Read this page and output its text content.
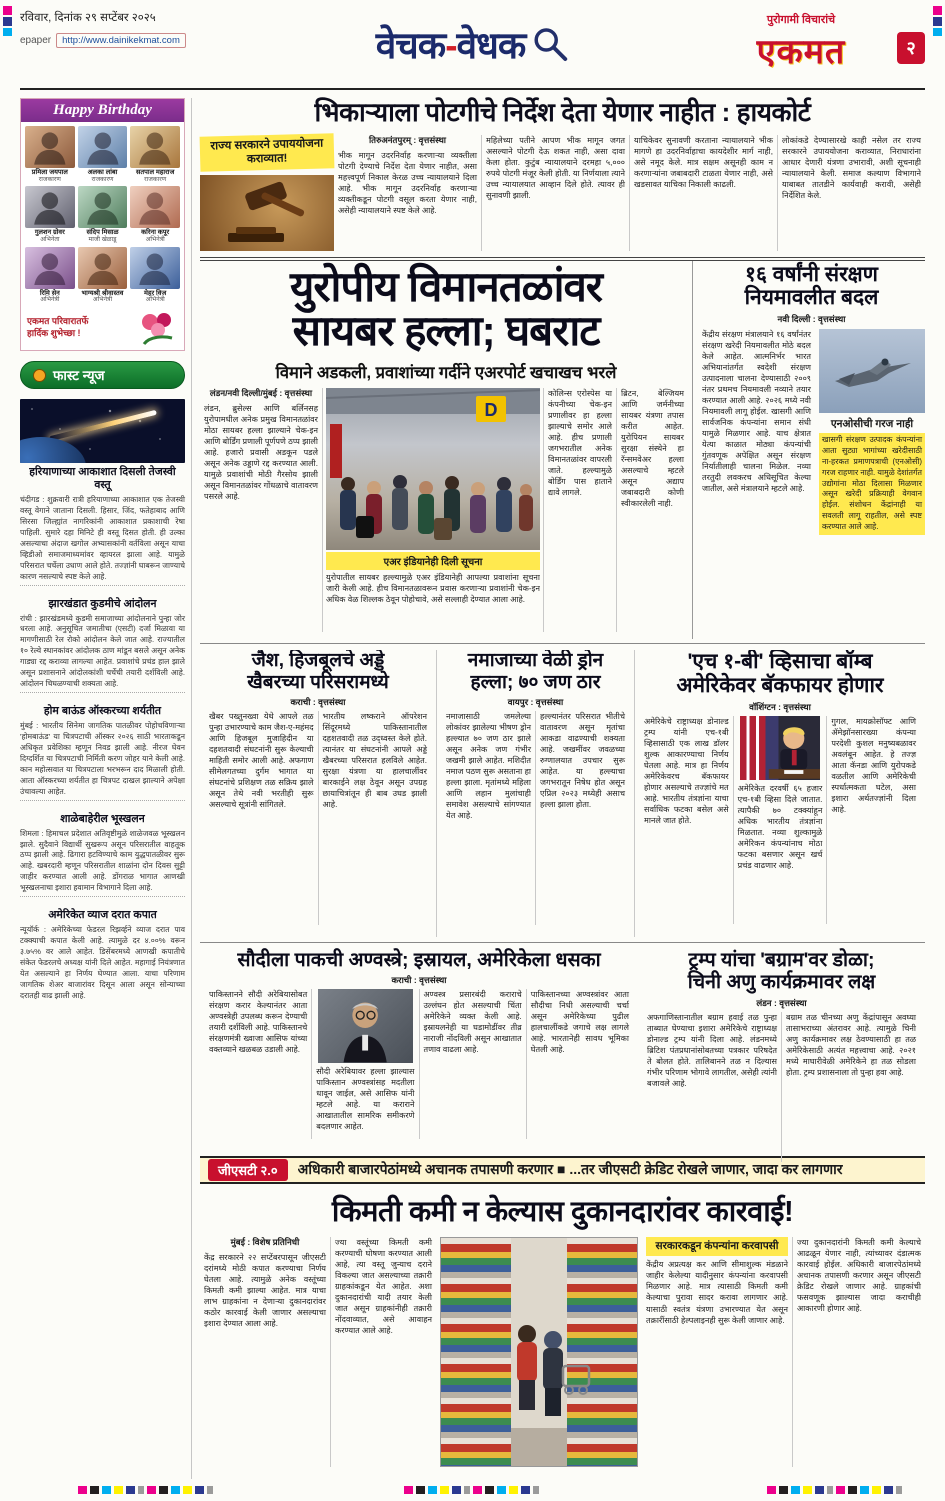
रविवार, दिनांक २९ सप्टेंबर २०२५
epaper	http://www.dainikekmat.com	वेचक-वेधक
पुरोगामी विचारांचे
एकमत	२
Happy Birthday
प्रमिला जयपाल
राजकारण
अलका लांबा
राजकारण
सतपाल महाराज
राजकारण
गुलशन ग्रोवर
अभिनेता
संदिप मिसाळ
माजी खेळाडू
करिना कपूर
अभिनेत्री
रिमि सेन
अभिनेत्री
भाग्यश्री श्रीवास्तव
अभिनेत्री
मेहर विज
अभिनेत्री
एकमत परिवारातर्फे
हार्दिक शुभेच्छा !
फास्ट न्यूज
हरियाणाच्या आकाशात दिसली तेजस्वी वस्तू
चंदीगड : शुक्रवारी रात्री हरियाणाच्या आकाशात एक तेजस्वी वस्तू वेगाने जाताना दिसली. हिसार, जिंद, फतेहाबाद आणि सिरसा जिल्ह्यांत नागरिकांनी आकाशात प्रकाशाची रेषा पाहिली. सुमारे दहा मिनिटे ही वस्तू दिसत होती. ही उल्का असल्याचा अंदाज खगोल अभ्यासकांनी वर्तविला असून याचा व्हिडीओ समाजमाध्यमांवर व्हायरल झाला आहे. यामुळे परिसरात चर्चेला उधाण आले होते. तज्ज्ञांनी घाबरून जाण्याचे कारण नसल्याचे स्पष्ट केले आहे.
झारखंडात कुडमीचे आंदोलन
रांची : झारखंडमध्ये कुडमी समाजाच्या आंदोलनाने पुन्हा जोर धरला आहे. अनुसूचित जमातीचा (एसटी) दर्जा मिळावा या मागणीसाठी रेल रोको आंदोलन केले जात आहे. राज्यातील १० रेल्वे स्थानकांवर आंदोलक ठाण मांडून बसले असून अनेक गाड्या रद्द कराव्या लागल्या आहेत. प्रवाशांचे प्रचंड हाल झाले असून प्रशासनाने आंदोलकांशी चर्चेची तयारी दर्शविली आहे. आंदोलन चिघळण्याची शक्यता आहे.
होम बाऊंड ऑस्करच्या शर्यतीत
मुंबई : भारतीय सिनेमा जागतिक पातळीवर पोहोचविणाऱ्या 'होमबाऊंड' या चित्रपटाची ऑस्कर २०२६ साठी भारताकडून अधिकृत प्रवेशिका म्हणून निवड झाली आहे. नीरज घेवन दिग्दर्शित या चित्रपटाची निर्मिती करण जोहर याने केली आहे. कान महोत्सवात या चित्रपटाला भरभरून दाद मिळाली होती. आता ऑस्करच्या शर्यतीत हा चित्रपट दाखल झाल्याने अपेक्षा उंचावल्या आहेत.
शाळेबाहेरील भूस्खलन
शिमला : हिमाचल प्रदेशात अतिवृष्टीमुळे शाळेजवळ भूस्खलन झाले. सुदैवाने विद्यार्थी सुखरूप असून परिसरातील वाहतूक ठप्प झाली आहे. ढिगारा हटविण्याचे काम युद्धपातळीवर सुरू आहे. खबरदारी म्हणून परिसरातील शाळांना दोन दिवस सुट्टी जाहीर करण्यात आली आहे. डोंगराळ भागात आणखी भूस्खलनाचा इशारा हवामान विभागाने दिला आहे.
अमेरिकेत व्याज दरात कपात
न्यूयॉर्क : अमेरिकेच्या फेडरल रिझर्व्हने व्याज दरात पाव टक्क्याची कपात केली आहे. त्यामुळे दर ४.००% वरून ३.७५% वर आले आहेत. डिसेंबरमध्ये आणखी कपातीचे संकेत फेडरलचे अध्यक्ष यांनी दिले आहेत. महागाई नियंत्रणात येत असल्याने हा निर्णय घेण्यात आला. याचा परिणाम जागतिक शेअर बाजारांवर दिसून आला असून सोन्याच्या दरातही वाढ झाली आहे.
भिकाऱ्याला पोटगीचे निर्देश देता येणार नाहीत : हायकोर्ट
राज्य सरकारने उपाययोजना कराव्यात!
तिरुअनंतपुरम् : वृत्तसंस्था
भीक मागून उदरनिर्वाह करणाऱ्या व्यक्तीला पोटगी देण्याचे निर्देश देता येणार नाहीत, असा महत्त्वपूर्ण निकाल केरळ उच्च न्यायालयाने दिला आहे. भीक मागून उदरनिर्वाह करणाऱ्या व्यक्तीकडून पोटगी वसूल करता येणार नाही, असेही न्यायालयाने स्पष्ट केले आहे.
महिलेच्या पतीने आपण भीक मागून जगत असल्याने पोटगी देऊ शकत नाही, असा दावा केला होता. कुटुंब न्यायालयाने दरमहा ५,००० रुपये पोटगी मंजूर केली होती. या निर्णयाला त्याने उच्च न्यायालयात आव्हान दिले होते. त्यावर ही सुनावणी झाली.
याचिकेवर सुनावणी करताना न्यायालयाने भीक मागणे हा उदरनिर्वाहाचा कायदेशीर मार्ग नाही, असे नमूद केले. मात्र सक्षम असूनही काम न करणाऱ्यांना जबाबदारी टाळता येणार नाही, असे खडसावत याचिका निकाली काढली.
लोकांकडे देण्यासारखे काही नसेल तर राज्य सरकारने उपाययोजना कराव्यात, निराधारांना आधार देणारी यंत्रणा उभारावी, अशी सूचनाही न्यायालयाने केली. समाज कल्याण विभागाने याबाबत तातडीने कार्यवाही करावी, असेही निर्देशित केले.
युरोपीय विमानतळांवर
सायबर हल्ला; घबराट
विमाने अडकली, प्रवाशांच्या गर्दीने एअरपोर्ट खचाखच भरले
लंडन/नवी दिल्ली/मुंबई : वृत्तसंस्था
लंडन, ब्रुसेल्स आणि बर्लिनसह युरोपामधील अनेक प्रमुख विमानतळांवर मोठा सायबर हल्ला झाल्याने चेक-इन आणि बोर्डिंग प्रणाली पूर्णपणे ठप्प झाली आहे. हजारो प्रवासी अडकून पडले असून अनेक उड्डाणे रद्द करण्यात आली. यामुळे प्रवाशांची मोठी गैरसोय झाली असून विमानतळांवर गोंधळाचे वातावरण पसरले आहे.
D
एअर इंडियानेही दिली सूचना
युरोपातील सायबर हल्ल्यामुळे एअर इंडियानेही आपल्या प्रवाशांना सूचना जारी केली आहे. हीच विमानतळावरून प्रवास करणाऱ्या प्रवाशांनी चेक-इन अधिक वेळ शिल्लक ठेवून पोहोचावे, असे सल्लाही देण्यात आला आहे.
कोलिन्स एरोस्पेस या कंपनीच्या चेक-इन प्रणालीवर हा हल्ला झाल्याचे समोर आले आहे. हीच प्रणाली जगभरातील अनेक विमानतळांवर वापरली जाते. हल्ल्यामुळे बोर्डिंग पास हाताने द्यावे लागले.
ब्रिटन, बेल्जियम आणि जर्मनीच्या सायबर यंत्रणा तपास करीत आहेत. युरोपियन सायबर सुरक्षा संस्थेने हा रॅन्समवेअर हल्ला असल्याचे म्हटले असून अद्याप जबाबदारी कोणी स्वीकारलेली नाही.
१६ वर्षांनी संरक्षण नियमावलीत बदल
नवी दिल्ली : वृत्तसंस्था
केंद्रीय संरक्षण मंत्रालयाने १६ वर्षांनंतर संरक्षण खरेदी नियमावलीत मोठे बदल केले आहेत. आत्मनिर्भर भारत अभियानांतर्गत स्वदेशी संरक्षण उत्पादनाला चालना देण्यासाठी २००९ नंतर प्रथमच नियमावली नव्याने तयार करण्यात आली आहे. २०२६ मध्ये नवी नियमावली लागू होईल. खासगी आणि सार्वजनिक कंपन्यांना समान संधी यामुळे मिळणार आहे. याच क्षेत्रात येत्या काळात मोठ्या कंपन्यांची गुंतवणूक अपेक्षित असून संरक्षण निर्यातीलाही चालना मिळेल. नव्या तरतुदी लवकरच अधिसूचित केल्या जातील, असे मंत्रालयाने म्हटले आहे.
एनओसीची गरज नाही
खासगी संरक्षण उत्पादक कंपन्यांना आता सुट्या भागांच्या खरेदीसाठी ना-हरकत प्रमाणपत्राची (एनओसी) गरज राहणार नाही. यामुळे देशांतर्गत उद्योगांना मोठा दिलासा मिळणार असून खरेदी प्रक्रियाही वेगवान होईल. संशोधन केंद्रांनाही या सवलती लागू राहतील, असे स्पष्ट करण्यात आले आहे.
जैश, हिजबूलचे अड्डे
खैबरच्या परिसरामध्ये
कराची : वृत्तसंस्था
खैबर पख्तुनख्वा येथे आपले तळ पुन्हा उभारण्याचे काम जैश-ए-महंमद आणि हिजबूल मुजाहिदीन या दहशतवादी संघटनांनी सुरू केल्याची माहिती समोर आली आहे. अफगाण सीमेलगतच्या दुर्गम भागात या संघटनांचे प्रशिक्षण तळ सक्रिय झाले असून तेथे नवी भरतीही सुरू असल्याचे सूत्रांनी सांगितले.
भारतीय लष्कराने ऑपरेशन सिंदूरमध्ये पाकिस्तानातील दहशतवादी तळ उद्ध्वस्त केले होते. त्यानंतर या संघटनांनी आपले अड्डे खैबरच्या परिसरात हलविले आहेत. सुरक्षा यंत्रणा या हालचालींवर बारकाईने लक्ष ठेवून असून उपग्रह छायाचित्रांतून ही बाब उघड झाली आहे.
नमाजाच्या वेळी ड्रोन
हल्ला; ७० जण ठार
वायपुर : वृत्तसंस्था
नमाजासाठी जमलेल्या लोकांवर झालेल्या भीषण ड्रोन हल्ल्यात ७० जण ठार झाले असून अनेक जण गंभीर जखमी झाले आहेत. मशिदीत नमाज पठण सुरू असताना हा हल्ला झाला. मृतांमध्ये महिला आणि लहान मुलांचाही समावेश असल्याचे सांगण्यात येत आहे.
हल्ल्यानंतर परिसरात भीतीचे वातावरण असून मृतांचा आकडा वाढण्याची शक्यता आहे. जखमींवर जवळच्या रुग्णालयात उपचार सुरू आहेत. या हल्ल्याचा जगभरातून निषेध होत असून एप्रिल २०२३ मध्येही असाच हल्ला झाला होता.
'एच १-बी' व्हिसाचा बॉम्ब
अमेरिकेवर बॅकफायर होणार
वॉशिंग्टन : वृत्तसंस्था
अमेरिकेचे राष्ट्राध्यक्ष डोनाल्ड ट्रम्प यांनी एच-१बी व्हिसासाठी एक लाख डॉलर शुल्क आकारण्याचा निर्णय घेतला आहे. मात्र हा निर्णय अमेरिकेवरच बॅकफायर होणार असल्याचे तज्ज्ञांचे मत आहे. भारतीय तंत्रज्ञांना याचा सर्वाधिक फटका बसेल असे मानले जात होते.
अमेरिकेत दरवर्षी ६५ हजार एच-१बी व्हिसा दिले जातात. त्यापैकी ७० टक्क्यांहून अधिक भारतीय तंत्रज्ञांना मिळतात. नव्या शुल्कामुळे अमेरिकन कंपन्यांनाच मोठा फटका बसणार असून खर्च प्रचंड वाढणार आहे.
गुगल, मायक्रोसॉफ्ट आणि ॲमेझॉनसारख्या कंपन्या परदेशी कुशल मनुष्यबळावर अवलंबून आहेत. हे तज्ज्ञ आता कॅनडा आणि युरोपकडे वळतील आणि अमेरिकेची स्पर्धात्मकता घटेल, असा इशारा अर्थतज्ज्ञांनी दिला आहे.
सौदीला पाकची अण्वस्त्रे; इस्रायल, अमेरिकेला धसका
कराची : वृत्तसंस्था
पाकिस्तानने सौदी अरेबियासोबत संरक्षण करार केल्यानंतर आता अण्वस्त्रेही उपलब्ध करून देण्याची तयारी दर्शविली आहे. पाकिस्तानचे संरक्षणमंत्री ख्वाजा आसिफ यांच्या वक्तव्याने खळबळ उडाली आहे.
सौदी अरेबियावर हल्ला झाल्यास पाकिस्तान अण्वस्त्रांसह मदतीला धावून जाईल, असे आसिफ यांनी म्हटले आहे. या कराराने आखातातील सामरिक समीकरणे बदलणार आहेत.
अण्वस्त्र प्रसारबंदी कराराचे उल्लंघन होत असल्याची चिंता अमेरिकेने व्यक्त केली आहे. इस्रायलनेही या घडामोडींवर तीव्र नाराजी नोंदविली असून आखातात तणाव वाढला आहे.
पाकिस्तानच्या अण्वस्त्रांवर आता सौदीचा निधी असल्याची चर्चा असून अमेरिकेच्या पुढील हालचालींकडे जगाचे लक्ष लागले आहे. भारतानेही सावध भूमिका घेतली आहे.
ट्रम्प यांचा 'बग्राम'वर डोळा;
चिनी अणु कार्यक्रमावर लक्ष
लंडन : वृत्तसंस्था
अफगाणिस्तानातील बग्राम हवाई तळ पुन्हा ताब्यात घेण्याचा इशारा अमेरिकेचे राष्ट्राध्यक्ष डोनाल्ड ट्रम्प यांनी दिला आहे. लंडनमध्ये ब्रिटिश पंतप्रधानांसोबतच्या पत्रकार परिषदेत ते बोलत होते. तालिबानने तळ न दिल्यास गंभीर परिणाम भोगावे लागतील, असेही त्यांनी बजावले आहे.
बग्राम तळ चीनच्या अणु केंद्रांपासून अवघ्या तासाभराच्या अंतरावर आहे. त्यामुळे चिनी अणु कार्यक्रमावर लक्ष ठेवण्यासाठी हा तळ अमेरिकेसाठी अत्यंत महत्त्वाचा आहे. २०२१ मध्ये माघारीवेळी अमेरिकेने हा तळ सोडला होता. ट्रम्प प्रशासनाला तो पुन्हा हवा आहे.
जीएसटी २.०	अधिकारी बाजारपेठांमध्ये अचानक तपासणी करणार ■ ...तर जीएसटी क्रेडिट रोखले जाणार, जादा कर लागणार
किमती कमी न केल्यास दुकानदारांवर कारवाई!
मुंबई : विशेष प्रतिनिधी
केंद्र सरकारने २२ सप्टेंबरपासून जीएसटी दरांमध्ये मोठी कपात करण्याचा निर्णय घेतला आहे. त्यामुळे अनेक वस्तूंच्या किमती कमी झाल्या आहेत. मात्र याचा लाभ ग्राहकांना न देणाऱ्या दुकानदारांवर कठोर कारवाई केली जाणार असल्याचा इशारा देण्यात आला आहे.
ज्या वस्तूंच्या किमती कमी करण्याची घोषणा करण्यात आली आहे, त्या वस्तू जुन्याच दराने विकल्या जात असल्याच्या तक्रारी ग्राहकांकडून येत आहेत. अशा दुकानदारांची यादी तयार केली जात असून ग्राहकांनीही तक्रारी नोंदवाव्यात, असे आवाहन करण्यात आले आहे.
सरकारकडून कंपन्यांना करवापसी
केंद्रीय अप्रत्यक्ष कर आणि सीमाशुल्क मंडळाने जाहीर केलेल्या यादीनुसार कंपन्यांना करवापसी मिळणार आहे. मात्र त्यासाठी किमती कमी केल्याचा पुरावा सादर करावा लागणार आहे. यासाठी स्वतंत्र यंत्रणा उभारण्यात येत असून तक्रारींसाठी हेल्पलाइनही सुरू केली जाणार आहे.
ज्या दुकानदारांनी किमती कमी केल्याचे आढळून येणार नाही, त्यांच्यावर दंडात्मक कारवाई होईल. अधिकारी बाजारपेठांमध्ये अचानक तपासणी करणार असून जीएसटी क्रेडिट रोखले जाणार आहे. ग्राहकांची फसवणूक झाल्यास जादा कराचीही आकारणी होणार आहे.
